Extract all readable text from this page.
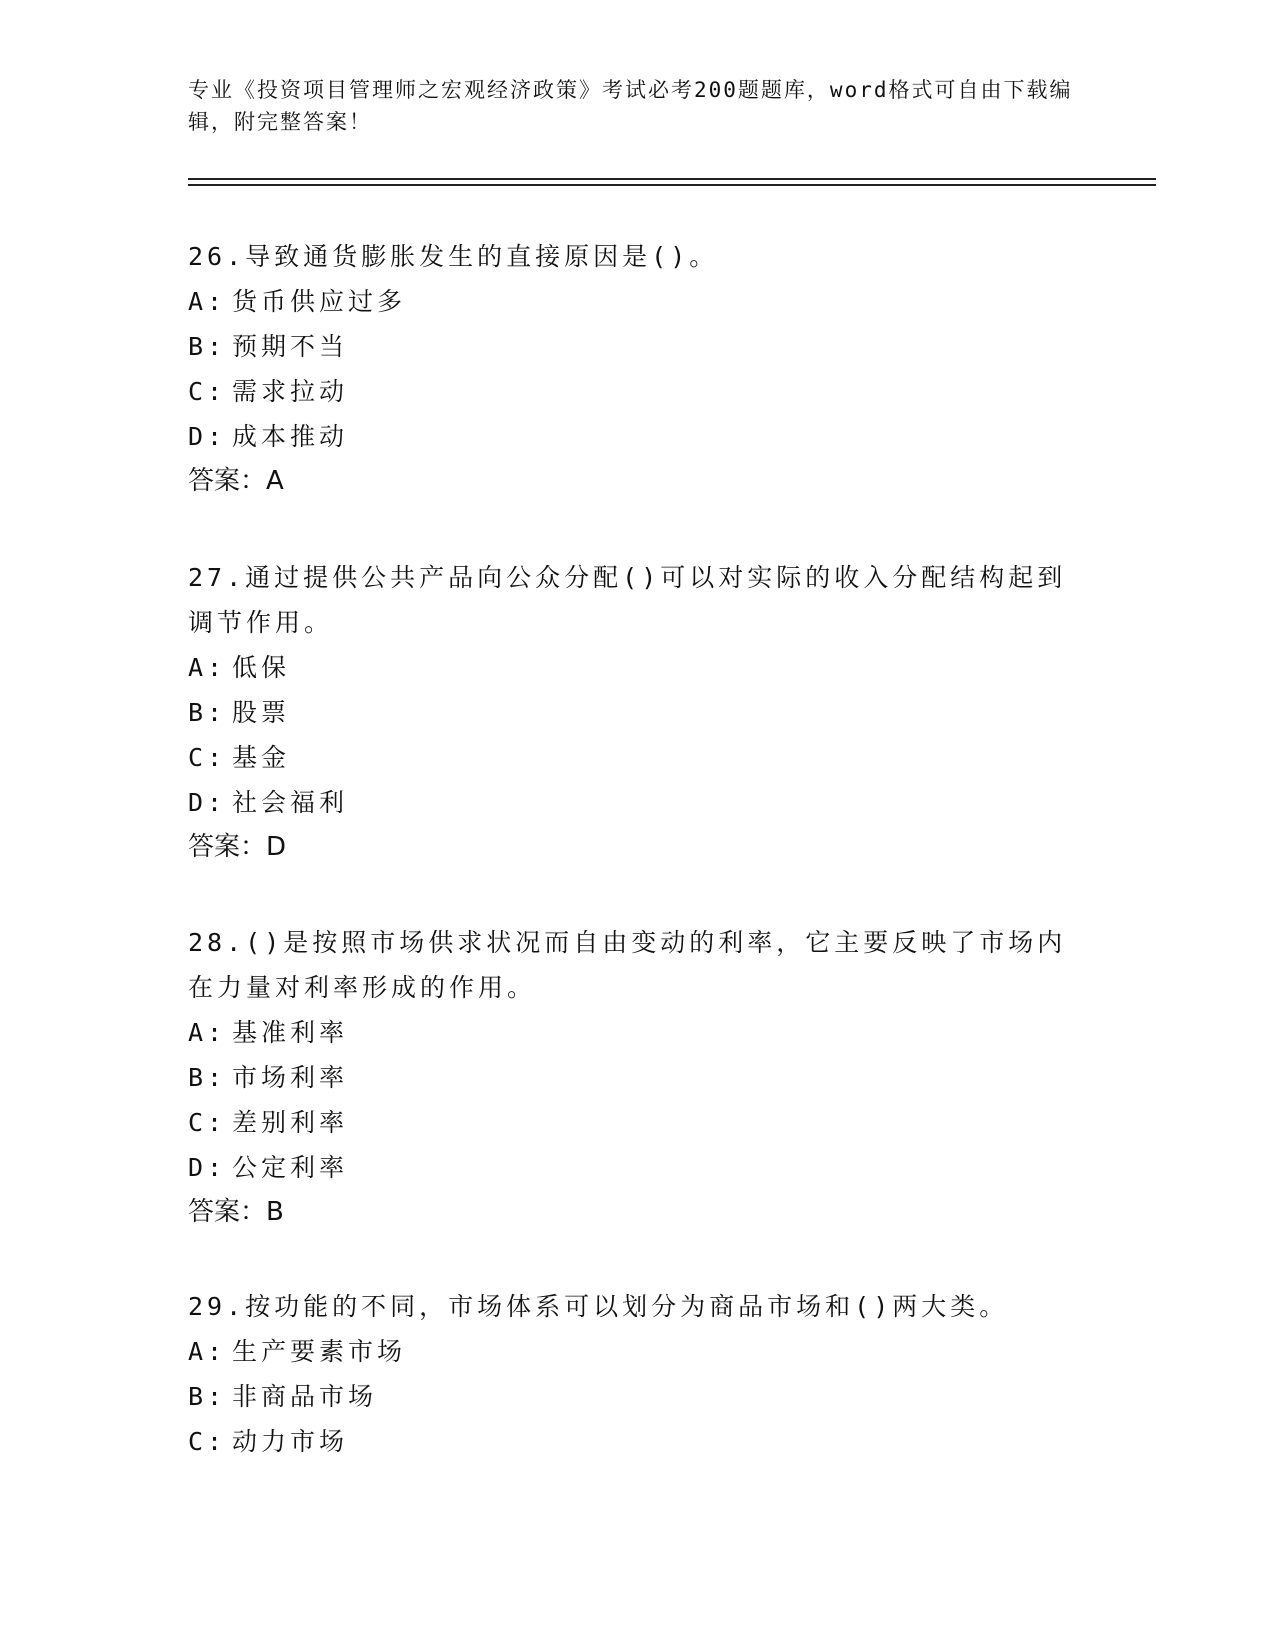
专业《投资项目管理师之宏观经济政策》考试必考200题题库，word格式可自由下载编辑，附完整答案！
26.导致通货膨胀发生的直接原因是()。
A: 货币供应过多
B: 预期不当
C: 需求拉动
D: 成本推动
答案：A
27.通过提供公共产品向公众分配()可以对实际的收入分配结构起到调节作用。
A: 低保
B: 股票
C: 基金
D: 社会福利
答案：D
28.()是按照市场供求状况而自由变动的利率，它主要反映了市场内在力量对利率形成的作用。
A: 基准利率
B: 市场利率
C: 差别利率
D: 公定利率
答案：B
29.按功能的不同，市场体系可以划分为商品市场和()两大类。
A: 生产要素市场
B: 非商品市场
C: 动力市场
